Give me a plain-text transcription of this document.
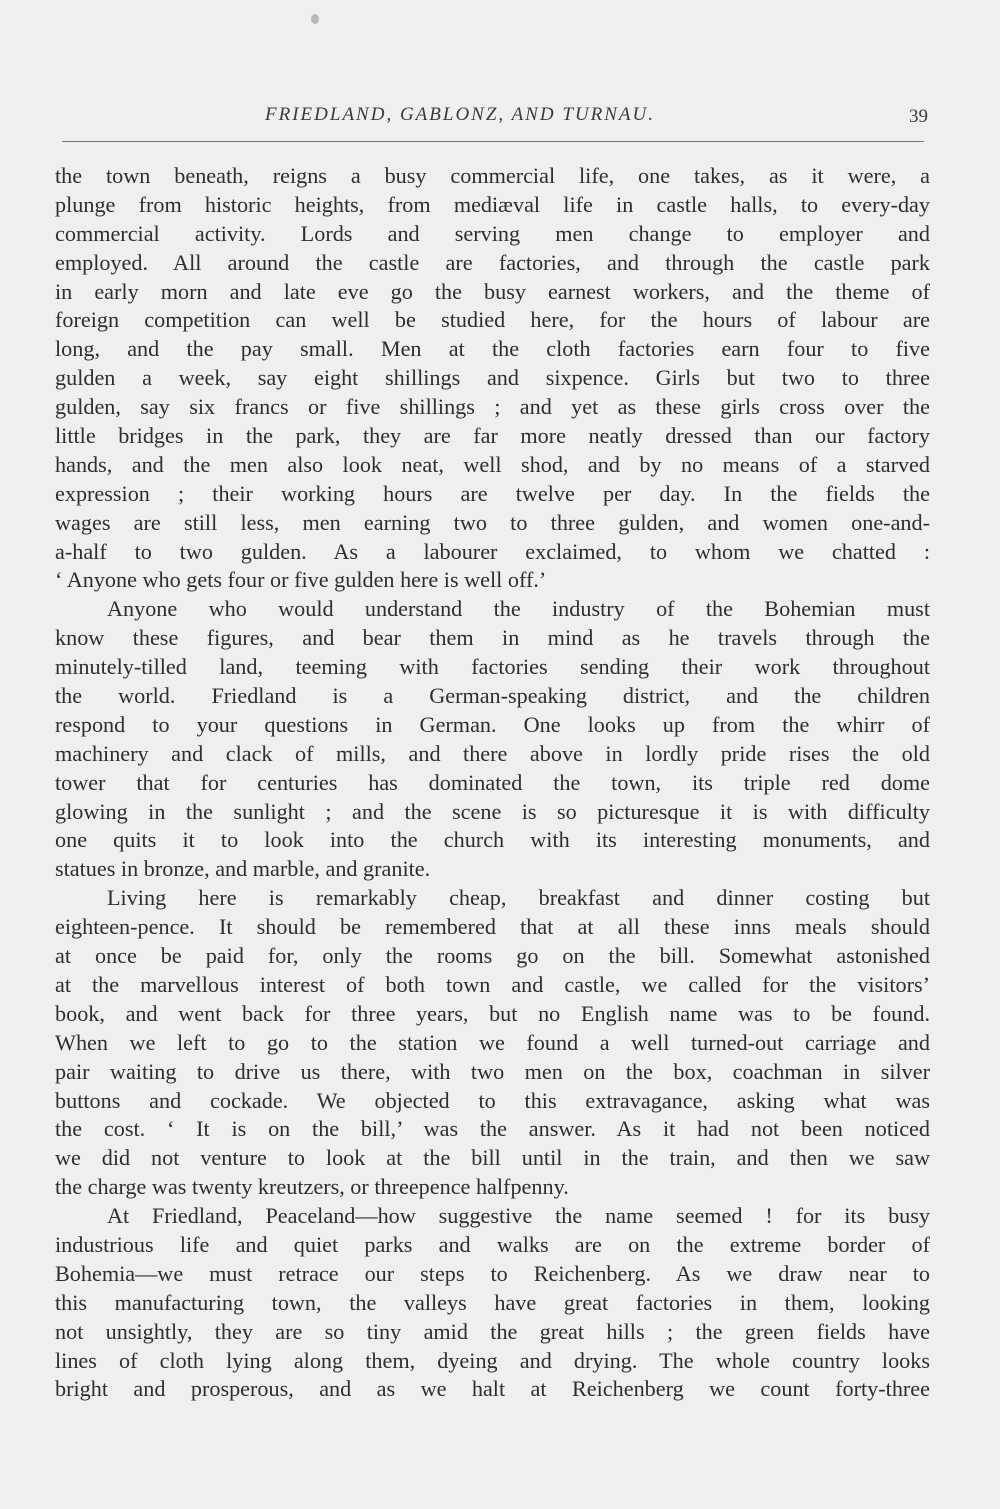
FRIEDLAND, GABLONZ, AND TURNAU.	39
the town beneath, reigns a busy commercial life, one takes, as it were, a
plunge from historic heights, from mediæval life in castle halls, to every-day
commercial activity. Lords and serving men change to employer and
employed. All around the castle are factories, and through the castle park
in early morn and late eve go the busy earnest workers, and the theme of
foreign competition can well be studied here, for the hours of labour are
long, and the pay small. Men at the cloth factories earn four to five
gulden a week, say eight shillings and sixpence. Girls but two to three
gulden, say six francs or five shillings ; and yet as these girls cross over the
little bridges in the park, they are far more neatly dressed than our factory
hands, and the men also look neat, well shod, and by no means of a starved
expression ; their working hours are twelve per day. In the fields the
wages are still less, men earning two to three gulden, and women one-and-
a-half to two gulden. As a labourer exclaimed, to whom we chatted :
‘ Anyone who gets four or five gulden here is well off.’
Anyone who would understand the industry of the Bohemian must
know these figures, and bear them in mind as he travels through the
minutely-tilled land, teeming with factories sending their work throughout
the world. Friedland is a German-speaking district, and the children
respond to your questions in German. One looks up from the whirr of
machinery and clack of mills, and there above in lordly pride rises the old
tower that for centuries has dominated the town, its triple red dome
glowing in the sunlight ; and the scene is so picturesque it is with difficulty
one quits it to look into the church with its interesting monuments, and
statues in bronze, and marble, and granite.
Living here is remarkably cheap, breakfast and dinner costing but
eighteen-pence. It should be remembered that at all these inns meals should
at once be paid for, only the rooms go on the bill. Somewhat astonished
at the marvellous interest of both town and castle, we called for the visitors’
book, and went back for three years, but no English name was to be found.
When we left to go to the station we found a well turned-out carriage and
pair waiting to drive us there, with two men on the box, coachman in silver
buttons and cockade. We objected to this extravagance, asking what was
the cost. ‘ It is on the bill,’ was the answer. As it had not been noticed
we did not venture to look at the bill until in the train, and then we saw
the charge was twenty kreutzers, or threepence halfpenny.
At Friedland, Peaceland—how suggestive the name seemed ! for its busy
industrious life and quiet parks and walks are on the extreme border of
Bohemia—we must retrace our steps to Reichenberg. As we draw near to
this manufacturing town, the valleys have great factories in them, looking
not unsightly, they are so tiny amid the great hills ; the green fields have
lines of cloth lying along them, dyeing and drying. The whole country looks
bright and prosperous, and as we halt at Reichenberg we count forty-three
